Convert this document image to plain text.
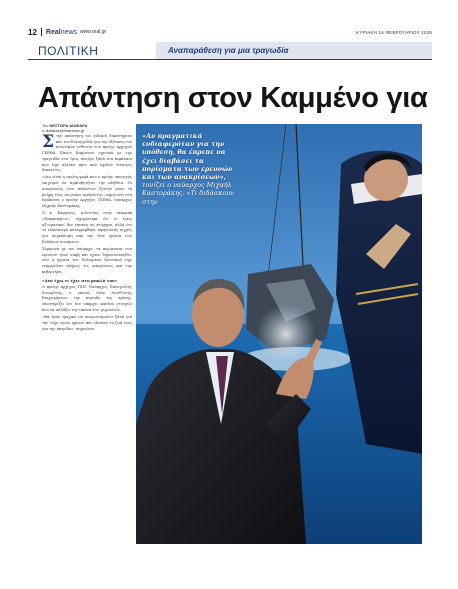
12 Realnews www.real.gr	ΚΥΡΙΑΚΗ 16 ΦΕΒΡΟΥΑΡΙΟΥ 2020
ΠΟΛΙΤΙΚΗ	Αναπαράθεση για μια τραγωδία
Απάντηση στον Καμμένο για
Του ΝΕΣΤΩΡΑ ΔΙΑΦΑΡΑ
n.diafaras@realnews.gr

Στην απάντηση του ειδικού δικαστηρίου και του Εισαγγελέα για την εξέταση των πολιτικών ευθυνών του πρώην Αρχηγού ΓΕΕΘΑ Πάνου Καμμένου σχετικά με την τραγωδία στα Ίμια, ανοίγει ξανά ένα κεφάλαιο που είχε κλείσει πριν από σχεδόν τέσσερις δεκαετίες.

«Δεν είναι η πρώτη φορά που ο πρώην υπουργός επιχειρεί να αμφισβητήσει την αλήθεια. Οι οικογένειες των πεσόντων ζητούν μόνο τη μνήμη τους να μείνει αμόλυντη», σημειώνει στη Realnews ο πρώην Αρχηγός ΓΕΕΘΑ, ναύαρχος Μιχαήλ Καστοράκης.

Ο κ. Καμμένος, μιλώντας στην εκπομπή «Παρασκήνιο», ισχυρίστηκε ότι οι τρεις αξιωματικοί δεν έπεσαν σε ατύχημα, αλλά ότι το ελικόπτερο καταρρίφθηκε, αφήνοντας αιχμές για συγκάλυψη από την τότε ηγεσία των Ενόπλων Δυνάμεων.

Σύμφωνα με τον ναύαρχο, τα πορίσματα των ερευνών ήταν σαφή και έχουν δημοσιοποιηθεί, ενώ η ηγεσία του Πολεμικού Ναυτικού είχε ενημερώσει πλήρως τις οικογένειες και την κυβέρνηση.

«Δεν έχω τι έχει στο μυαλό του»

Ο πρώην Αρχηγός ΓΕΝ, Ναύαρχος Πανογιώτης Χινοφώτης, ο οποίος ήταν Διευθυντής Επιχειρήσεων την περίοδο της κρίσης, υποστηρίζει ότι δεν υπάρχει κανένα στοιχείο που να αλλάζει την εικόνα των γεγονότων.

«Θα ήταν τραγικό να αναρωτιόμαστε ξανά για την τύχη τριών ηρώων που έδωσαν τη ζωή τους για την πατρίδα», σημειώνει.

«Αν πραγματικά ενδιαφερόταν για την υπόθεση, θα έπρεπε να έχει διαβάσει τα πορίσματα των ερευνών και των ανακρίσεων», τονίζει ο ναύαρχος Μιχαήλ Καστοράκης. «Τι διδάσκουν στην
